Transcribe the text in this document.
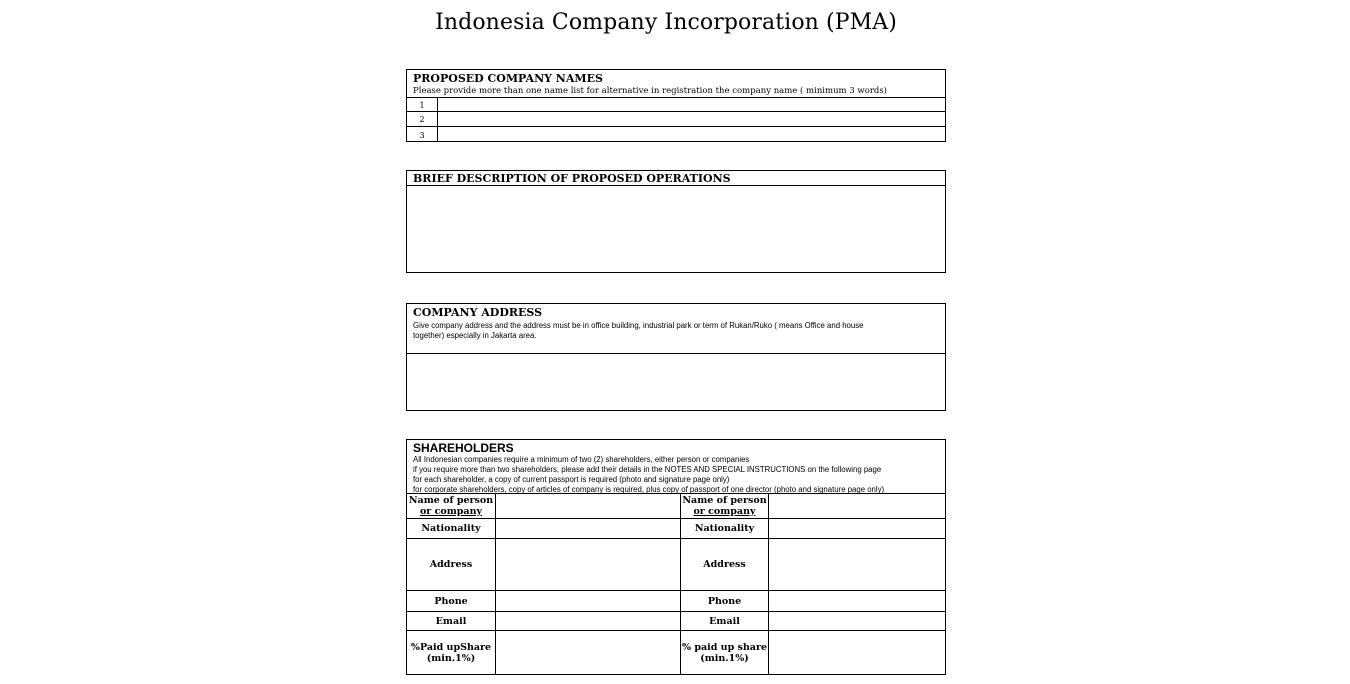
Indonesia Company Incorporation (PMA)
PROPOSED COMPANY NAMES
Please provide more than one name list for alternative in registration the company name ( minimum 3 words)
1
2
3
BRIEF DESCRIPTION OF PROPOSED OPERATIONS
COMPANY ADDRESS
Give company address and the address must be in office building, industrial park or term of Rukan/Ruko ( means Office and house
together) especially in Jakarta area.
SHAREHOLDERS
All Indonesian companies require a minimum of two (2) shareholders, either person or companies
if you require more than two shareholders, please add their details in the NOTES AND SPECIAL INSTRUCTIONS on the following page
for each shareholder, a copy of current passport is required (photo and signature page only)
for corporate shareholders, copy of articles of company is required, plus copy of passport of one director (photo and signature page only)
Name of person
or company
Nationality
Address
Phone
Email
%Paid upShare
(min.1%)
Name of person
or company
Nationality
Address
Phone
Email
% paid up share
(min.1%)
